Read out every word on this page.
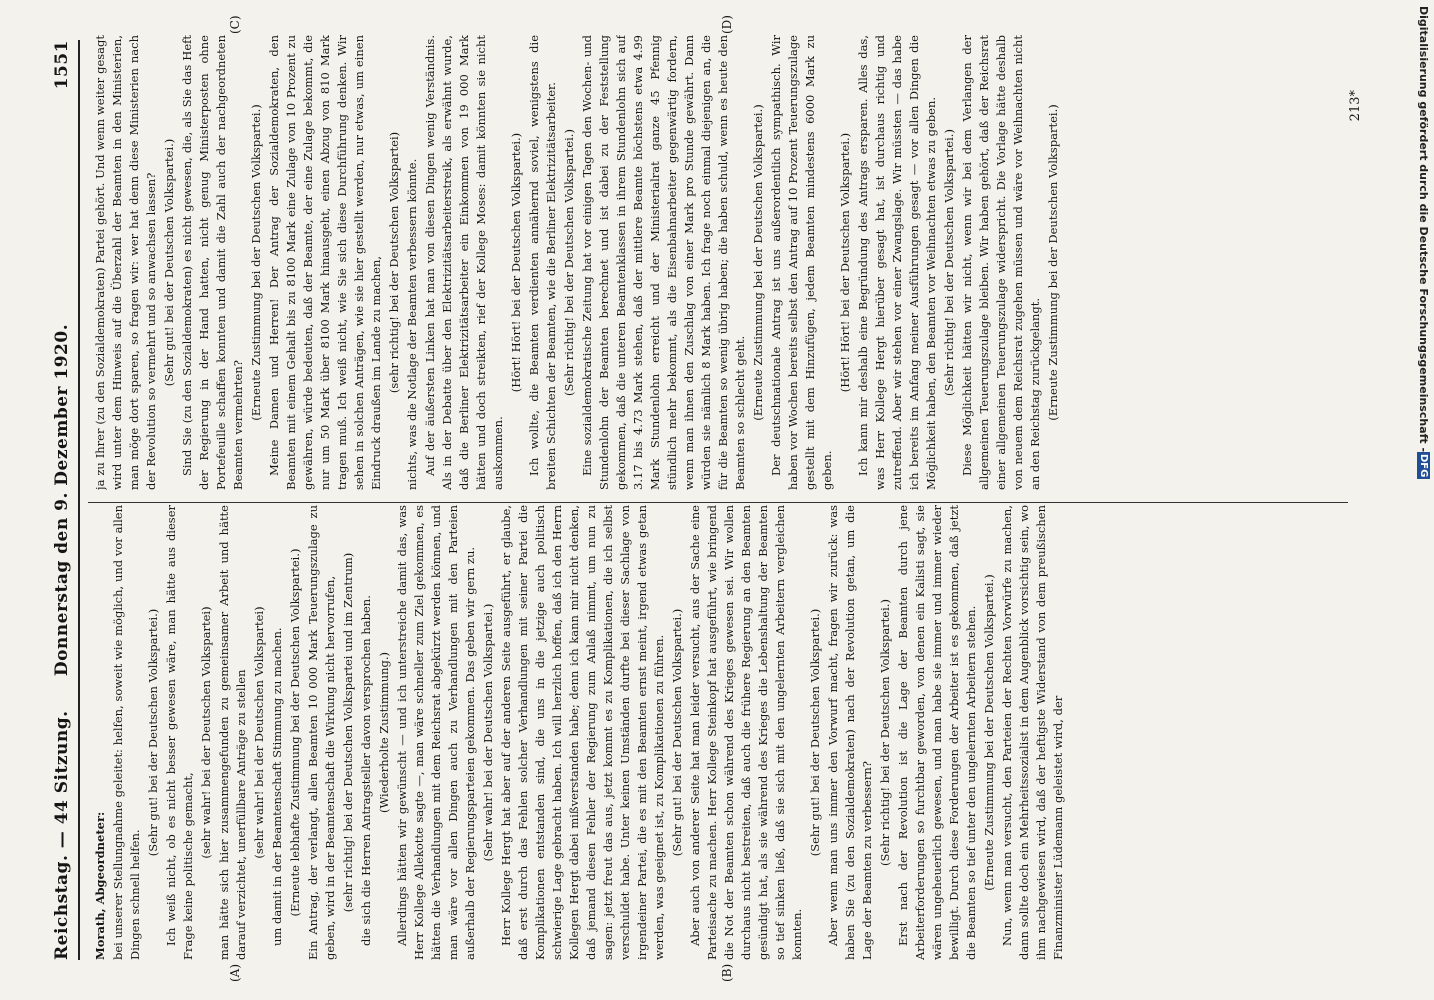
Reichstag. — 44 Sitzung.
Donnerstag den 9. Dezember 1920.
1551
(A)	(B)
(C)	(D)

Morath, Abgeordneter: bei unserer Stellungnahme geleitet: helfen, soweit wie möglich, und vor allen Dingen schnell helfen.

(Sehr gut! bei der Deutschen Volkspartei.) Ich weiß nicht, ob es nicht besser gewesen wäre, man hätte aus dieser Frage keine politische gemacht,

(sehr wahr! bei der Deutschen Volkspartei) man hätte sich hier zusammengefunden zu gemeinsamer Arbeit und hätte darauf verzichtet, unerfüllbare Anträge zu stellen (sehr wahr! bei der Deutschen Volkspartei) um damit in der Beamtenschaft Stimmung zu machen. (Erneute lebhafte Zustimmung bei der Deutschen Volkspartei.) Ein Antrag, der verlangt, allen Beamten 10 000 Mark Teuerungszulage zu geben, wird in der Beamtenschaft die Wirkung nicht hervorrufen, (sehr richtig! bei der Deutschen Volkspartei und im Zentrum) die sich die Herren Antragsteller davon versprochen haben. (Wiederholte Zustimmung.) Allerdings hätten wir gewünscht — und ich unterstreiche damit das, was Herr Kollege Allekotte sagte —, man wäre schneller zum Ziel gekommen, es hätten die Verhandlungen mit dem Reichsrat abgekürzt werden können, und man wäre vor allen Dingen auch zu Verhandlungen mit den Parteien außerhalb der Regierungsparteien gekommen. Das geben wir gern zu. (Sehr wahr! bei der Deutschen Volkspartei.) Herr Kollege Hergt hat aber auf der anderen Seite ausgeführt, er glaube, daß erst durch das Fehlen solcher Verhandlungen mit seiner Partei die Komplikationen entstanden sind, die uns in die jetzige auch politisch schwierige Lage gebracht haben. Ich will herzlich hoffen, daß ich den Herrn Kollegen Hergt dabei mißverstanden habe; denn ich kann mir nicht denken, daß jemand diesen Fehler der Regierung zum Anlaß nimmt, um nun zu sagen: jetzt freut das aus, jetzt kommt es zu Komplikationen, die ich selbst verschuldet habe. Unter keinen Umständen durfte bei dieser Sachlage von irgendeiner Partei, die es mit den Beamten ernst meint, irgend etwas getan werden, was geeignet ist, zu Komplikationen zu führen. (Sehr gut! bei der Deutschen Volkspartei.) Aber auch von anderer Seite hat man leider versucht, aus der Sache eine Parteisache zu machen. Herr Kollege Steinkopf hat ausgeführt, wie bringend die Not der Beamten schon während des Krieges gewesen sei. Wir wollen durchaus nicht bestreiten, daß auch die frühere Regierung an den Beamten gesündigt hat, als sie während des Krieges die Lebenshaltung der Beamten so tief sinken ließ, daß sie sich mit den ungelernten Arbeitern vergleichen konnten.

(Sehr gut! bei der Deutschen Volkspartei.) Aber wenn man uns immer den Vorwurf macht, fragen wir zurück: was haben Sie (zu den Sozialdemokraten) nach der Revolution getan, um die Lage der Beamten zu verbessern? (Sehr richtig! bei der Deutschen Volkspartei.) Erst nach der Revolution ist die Lage der Beamten durch jene Arbeiterforderungen so furchtbar geworden, von denen ein Kalisti sagt, sie wären ungeheuerlich gewesen, und man habe sie immer und immer wieder bewilligt. Durch diese Forderungen der Arbeiter ist es gekommen, daß jetzt die Beamten so tief unter den ungelernten Arbeitern stehen. (Erneute Zustimmung bei der Deutschen Volkspartei.) Nun, wenn man versucht, den Parteien der Rechten Vorwürfe zu machen, dann sollte doch ein Mehrheitssozialist in dem Augenblick vorsichtig sein, wo ihm nachgewiesen wird, daß der heftigste Widerstand von dem preußischen Finanzminister Lüdemann geleistet wird, der

ja zu Ihrer (zu den Sozialdemokraten) Partei gehört. Und wenn weiter gesagt wird unter dem Hinweis auf die Überzahl der Beamten in den Ministerien, man möge dort sparen, so fragen wir: wer hat denn diese Ministerien nach der Revolution so vermehrt und so anwachsen lassen? (Sehr gut! bei der Deutschen Volkspartei.) Sind Sie (zu den Sozialdemokraten) es nicht gewesen, die, als Sie das Heft der Regierung in der Hand hatten, nicht genug Ministerposten ohne Portefeuille schaffen konnten und damit die Zahl auch der nachgeordneten Beamten vermehrten?

(Erneute Zustimmung bei der Deutschen Volkspartei.) Meine Damen und Herren! Der Antrag der Sozialdemokraten, den Beamten mit einem Gehalt bis zu 8100 Mark eine Zulage von 10 Prozent zu gewähren, würde bedeuten, daß der Beamte, der eine Zulage bekommt, die nur um 50 Mark über 8100 Mark hinausgeht, einen Abzug von 810 Mark tragen muß. Ich weiß nicht, wie Sie sich diese Durchführung denken. Wir sehen in solchen Anträgen, wie sie hier gestellt werden, nur etwas, um einen Eindruck draußen im Lande zu machen, (sehr richtig! bei der Deutschen Volkspartei) nichts, was die Notlage der Beamten verbessern könnte. Auf der äußersten Linken hat man von diesen Dingen wenig Verständnis. Als in der Debatte über den Elektrizitätsarbeiterstreik, als erwähnt wurde, daß die Berliner Elektrizitätsarbeiter ein Einkommen von 19 000 Mark hätten und doch streikten, rief der Kollege Moses: damit könnten sie nicht auskommen.

(Hört! Hört! bei der Deutschen Volkspartei.) Ich wollte, die Beamten verdienten annähernd soviel, wenigstens die breiten Schichten der Beamten, wie die Berliner Elektrizitätsarbeiter. (Sehr richtig! bei der Deutschen Volkspartei.) Eine sozialdemokratische Zeitung hat vor einigen Tagen den Wochen- und Stundenlohn der Beamten berechnet und ist dabei zu der Feststellung gekommen, daß die unteren Beamtenklassen in ihrem Stundenlohn sich auf 3.17 bis 4.73 Mark stehen, daß der mittlere Beamte höchstens etwa 4.99 Mark Stundenlohn erreicht und der Ministerialrat ganze 45 Pfennig stündlich mehr bekommt, als die Eisenbahnarbeiter gegenwärtig fordern, wenn man ihnen den Zuschlag von einer Mark pro Stunde gewährt. Dann würden sie nämlich 8 Mark haben. Ich frage noch einmal diejenigen an, die für die Beamten so wenig übrig haben; die haben schuld, wenn es heute den Beamten so schlecht geht. (Erneute Zustimmung bei der Deutschen Volkspartei.) Der deutschnationale Antrag ist uns außerordentlich sympathisch. Wir haben vor Wochen bereits selbst den Antrag auf 10 Prozent Teuerungszulage gestellt mit dem Hinzufügen, jedem Beamten mindestens 6000 Mark zu geben.

(Hört! Hört! bei der Deutschen Volkspartei.) Ich kann mir deshalb eine Begründung des Antrags ersparen. Alles das, was Herr Kollege Hergt hierüber gesagt hat, ist durchaus richtig und zutreffend. Aber wir stehen vor einer Zwangslage. Wir müssten — das habe ich bereits im Anfang meiner Ausführungen gesagt — vor allen Dingen die Möglichkeit haben, den Beamten vor Weihnachten etwas zu geben. (Sehr richtig! bei der Deutschen Volkspartei.) Diese Möglichkeit hätten wir nicht, wenn wir bei dem Verlangen der allgemeinen Teuerungszulage bleiben. Wir haben gehört, daß der Reichsrat einer allgemeinen Teuerungszulage widerspricht. Die Vorlage hätte deshalb von neuem dem Reichsrat zugehen müssen und wäre vor Weihnachten nicht an den Reichstag zurückgelangt. (Erneute Zustimmung bei der Deutschen Volkspartei.)	213*	Digitalisierung gefördert durch die Deutsche Forschungsgemeinschaft -DFG
